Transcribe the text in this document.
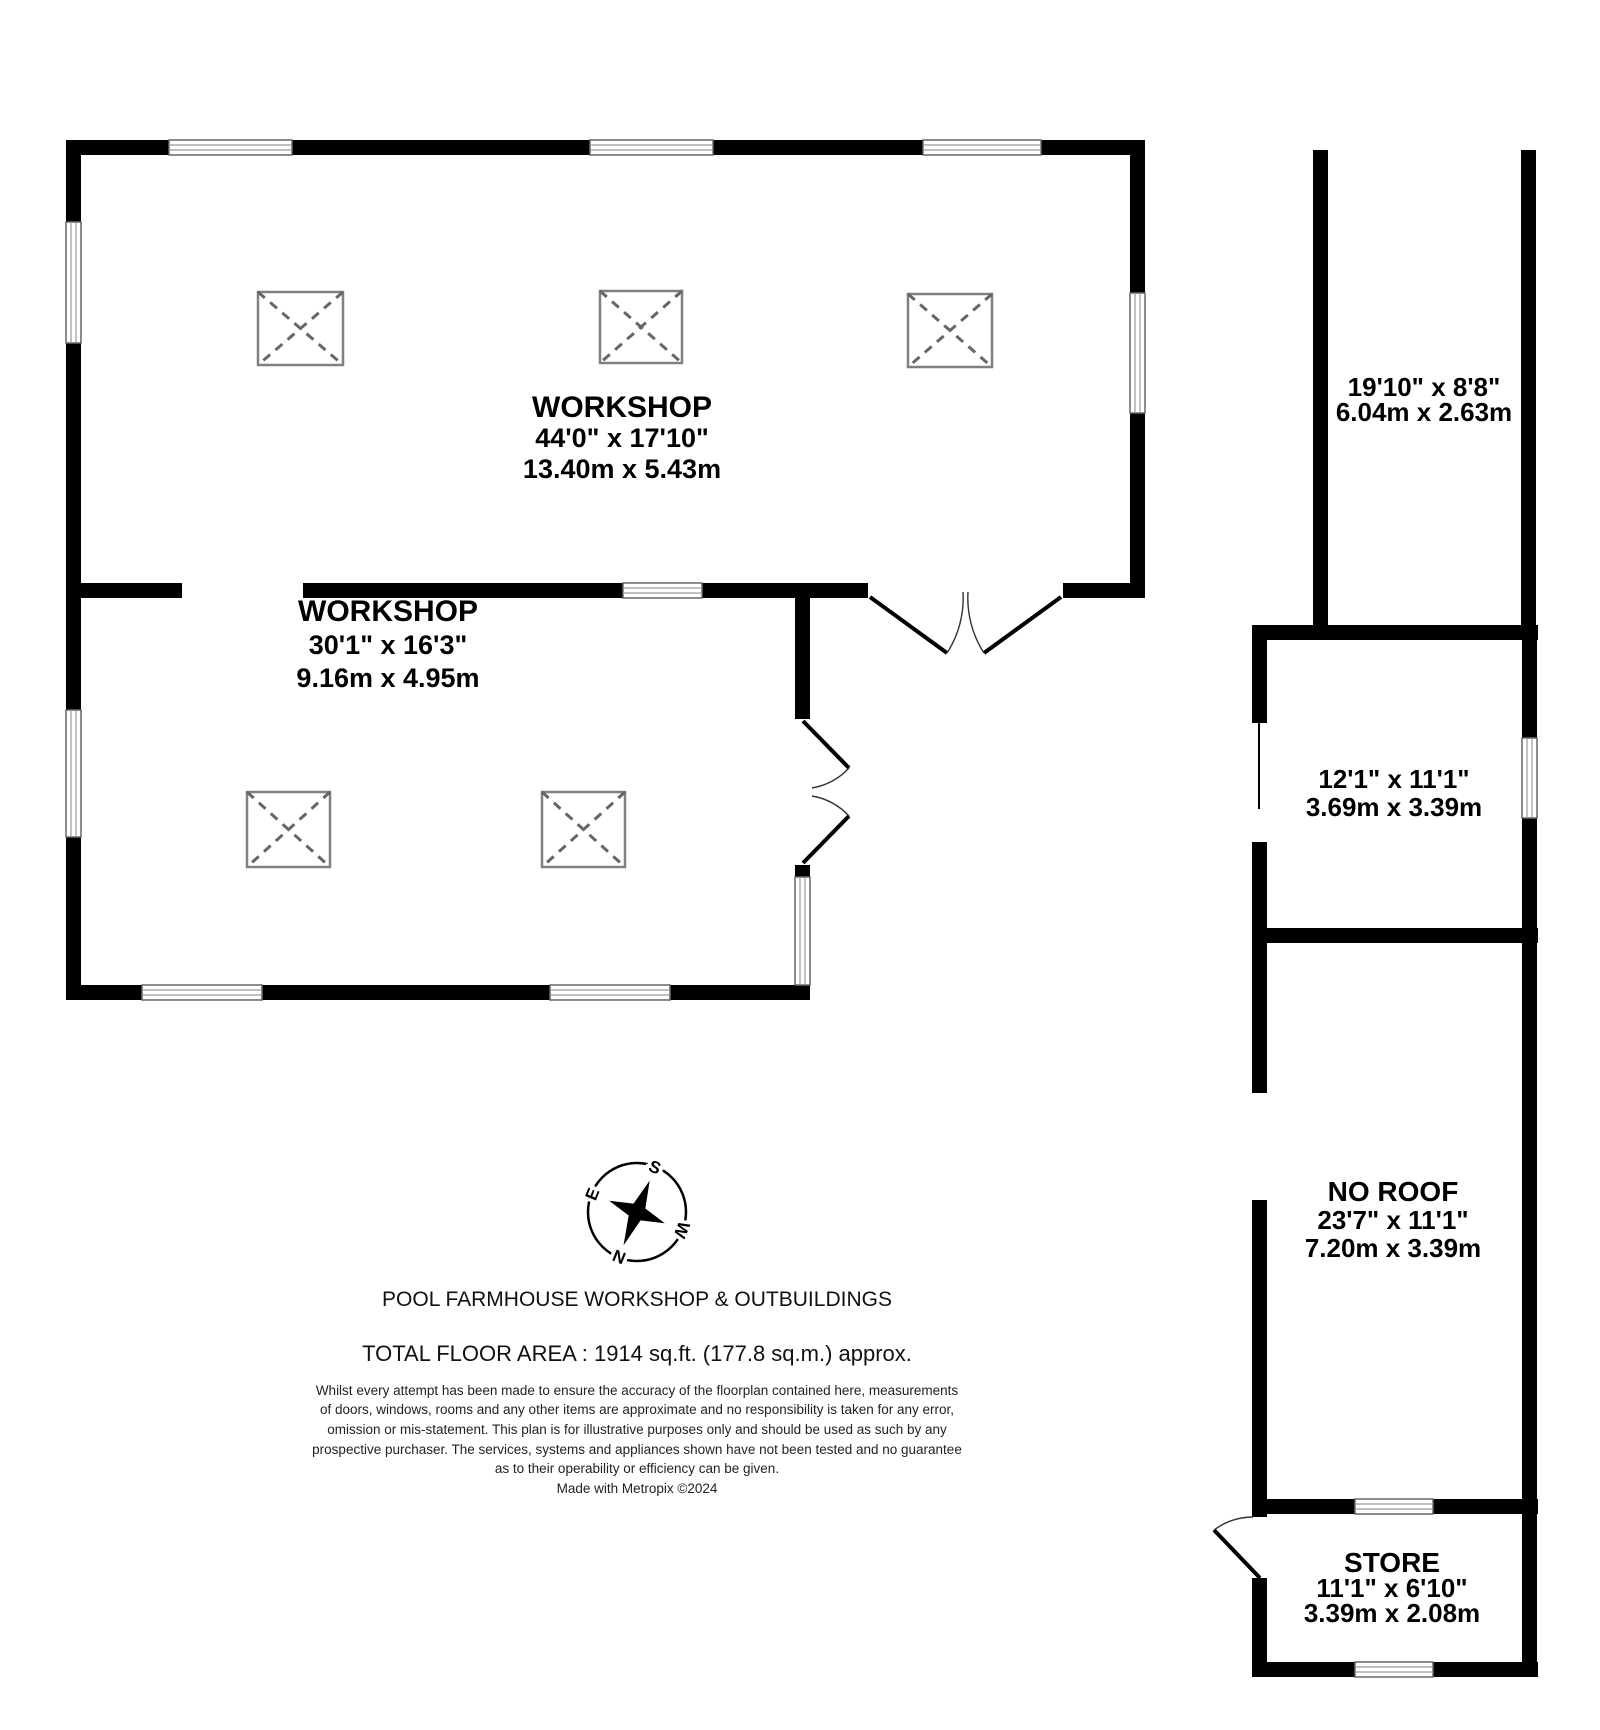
WORKSHOP
44'0" x 17'10"
13.40m x 5.43m
WORKSHOP
30'1" x 16'3"
9.16m x 4.95m
19'10" x 8'8"
6.04m x 2.63m
12'1" x 11'1"
3.69m x 3.39m
NO ROOF
23'7" x 11'1"
7.20m x 3.39m
STORE
11'1" x 6'10"
3.39m x 2.08m
S
W
N
E
POOL FARMHOUSE WORKSHOP & OUTBUILDINGS
TOTAL FLOOR AREA : 1914 sq.ft. (177.8 sq.m.) approx.
Whilst every attempt has been made to ensure the accuracy of the floorplan contained here, measurements
of doors, windows, rooms and any other items are approximate and no responsibility is taken for any error,
omission or mis-statement. This plan is for illustrative purposes only and should be used as such by any
prospective purchaser. The services, systems and appliances shown have not been tested and no guarantee
as to their operability or efficiency can be given.
Made with Metropix ©2024
